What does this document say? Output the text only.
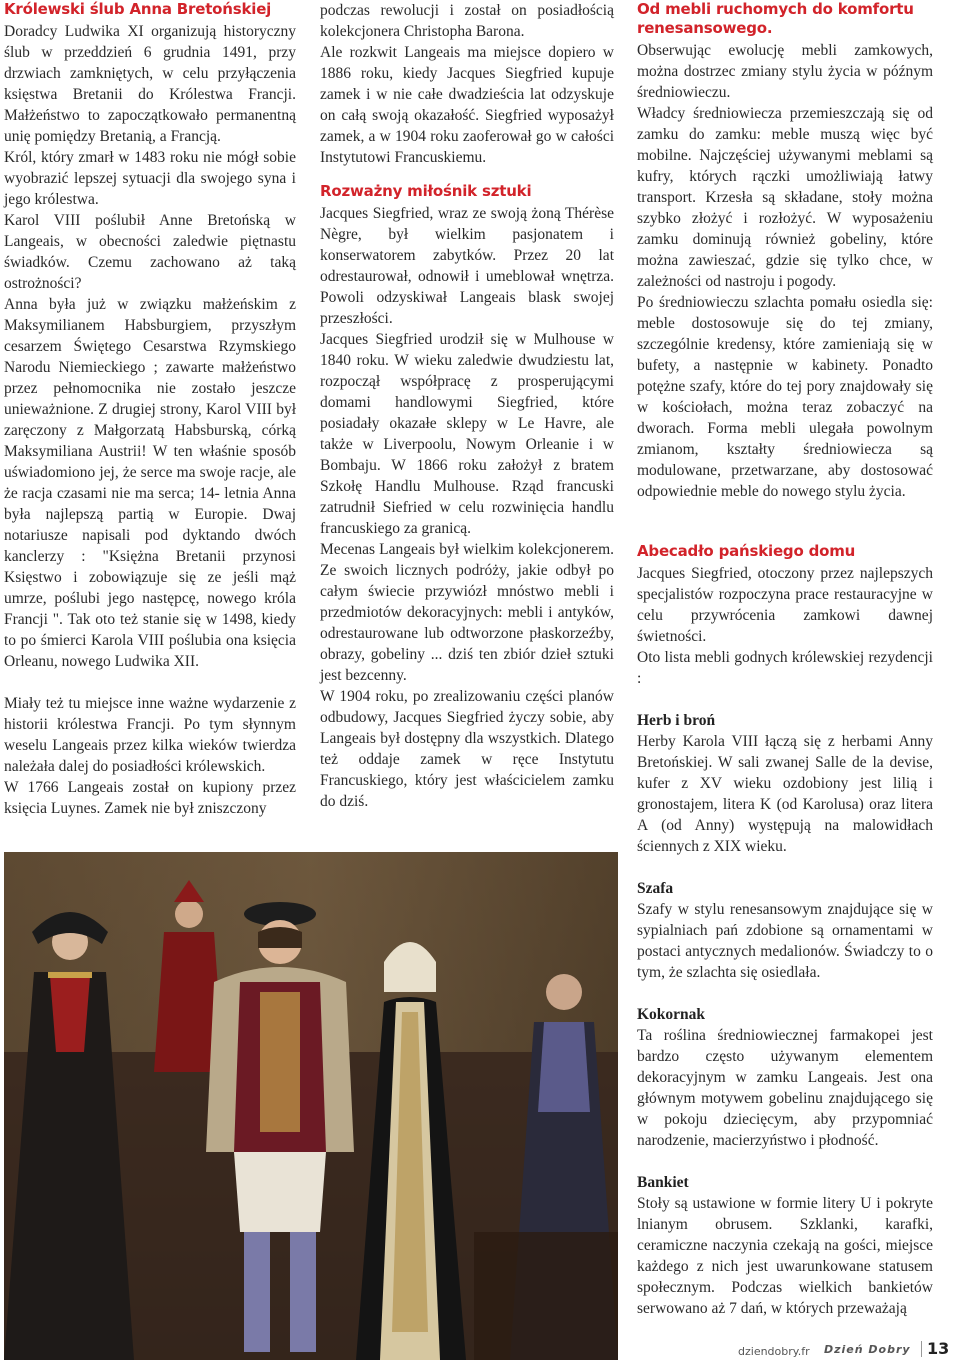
Królewski ślub Anna Bretońskiej

Doradcy Ludwika XI organizują historyczny ślub w przeddzień 6 grudnia 1491, przy drzwiach zamkniętych, w celu przyłączenia księstwa Bretanii do Królestwa Francji. Małżeństwo to zapoczątkowało permanentną unię pomiędzy Bretanią, a Francją.

Król, który zmarł w 1483 roku nie mógł sobie wyobrazić lepszej sytuacji dla swojego syna i jego królestwa.

Karol VIII poślubił Anne Bretońską w Langeais, w obecności zaledwie piętnastu świadków. Czemu zachowano aż taką ostrożności?

Anna była już w związku małżeńskim z Maksymilianem Habsburgiem, przyszłym cesarzem Świętego Cesarstwa Rzymskiego Narodu Niemieckiego ; zawarte małżeństwo przez pełnomocnika nie zostało jeszcze unieważnione. Z drugiej strony, Karol VIII był zaręczony z Małgorzatą Habsburską, córką Maksymiliana Austrii! W ten właśnie sposób uświadomiono jej, że serce ma swoje racje, ale że racja czasami nie ma serca; 14- letnia Anna była najlepszą partią w Europie. Dwaj notariusze napisali pod dyktando dwóch kanclerzy : "Księżna Bretanii przynosi Księstwo i zobowiązuje się ze jeśli mąż umrze, poślubi jego następcę, nowego króla Francji ". Tak oto też stanie się w 1498, kiedy to po śmierci Karola VIII poślubia ona księcia Orleanu, nowego Ludwika XII.

Miały też tu miejsce inne ważne wydarzenie z historii królestwa Francji. Po tym słynnym weselu Langeais przez kilka wieków twierdza należała dalej do posiadłości królewskich.

W 1766 Langeais został on kupiony przez księcia Luynes. Zamek nie był zniszczony

podczas rewolucji i został on posiadłością kolekcjonera Christopha Barona.

Ale rozkwit Langeais ma miejsce dopiero w 1886 roku, kiedy Jacques Siegfried kupuje zamek i w nie całe dwadzieścia lat odzyskuje on całą swoją okazałość. Siegfried wyposażył zamek, a w 1904 roku zaoferował go w całości Instytutowi Francuskiemu.

Rozważny miłośnik sztuki

Jacques Siegfried, wraz ze swoją żoną Thérèse Nègre, był wielkim pasjonatem i konserwatorem zabytków. Przez 20 lat odrestaurował, odnowił i umeblował wnętrza. Powoli odzyskiwał Langeais blask swojej przeszłości.

Jacques Siegfried urodził się w Mulhouse w 1840 roku. W wieku zaledwie dwudziestu lat, rozpoczął współpracę z prosperującymi domami handlowymi Siegfried, które posiadały okazałe sklepy w Le Havre, ale także w Liverpoolu, Nowym Orleanie i w Bombaju. W 1866 roku założył z bratem Szkołę Handlu Mulhouse. Rząd francuski zatrudnił Siefried w celu rozwinięcia handlu francuskiego za granicą.

Mecenas Langeais był wielkim kolekcjonerem. Ze swoich licznych podróży, jakie odbył po całym świecie przywiózł mnóstwo mebli i przedmiotów dekoracyjnych: mebli i antyków, odrestaurowane lub odtworzone płaskorzeźby, obrazy, gobeliny ... dziś ten zbiór dzieł sztuki jest bezcenny.

W 1904 roku, po zrealizowaniu części planów odbudowy, Jacques Siegfried życzy sobie, aby Langeais był dostępny dla wszystkich. Dlatego też oddaje zamek w ręce Instytutu Francuskiego, który jest właścicielem zamku do dziś.

Od mebli ruchomych do komfortu renesansowego.

Obserwując ewolucję mebli zamkowych, można dostrzec zmiany stylu życia w późnym średniowieczu.

Władcy średniowiecza przemieszczają się od zamku do zamku: meble muszą więc być mobilne. Najczęściej używanymi meblami są kufry, których rączki umożliwiają łatwy transport. Krzesła są składane, stoły można szybko złożyć i rozłożyć. W wyposażeniu zamku dominują również gobeliny, które można zawieszać, gdzie się tylko chce, w zależności od nastroju i pogody.

Po średniowieczu szlachta pomału osiedla się: meble dostosowuje się do tej zmiany, szczególnie kredensy, które zamieniają się w bufety, a następnie w kabinety. Ponadto potężne szafy, które do tej pory znajdowały się w kościołach, można teraz zobaczyć na dworach. Forma mebli ulegała powolnym zmianom, kształty średniowiecza są modulowane, przetwarzane, aby dostosować odpowiednie meble do nowego stylu życia.

Abecadło pańskiego domu

Jacques Siegfried, otoczony przez najlepszych specjalistów rozpoczyna prace restauracyjne w celu przywrócenia zamkowi dawnej świetności.

Oto lista mebli godnych królewskiej rezydencji :

Herb i broń

Herby Karola VIII łączą się z herbami Anny Bretońskiej. W sali zwanej Salle de la devise, kufer z XV wieku ozdobiony jest lilią i gronostajem, litera K (od Karolusa) oraz litera A (od Anny) występują na malowidłach ściennych z XIX wieku.

Szafa

Szafy w stylu renesansowym znajdujące się w sypialniach pań zdobione są ornamentami w postaci antycznych medalionów. Świadczy to o tym, że szlachta się osiedlała.

Kokornak

Ta roślina średniowiecznej farmakopei jest bardzo często używanym elementem dekoracyjnym w zamku Langeais. Jest ona głównym motywem gobelinu znajdującego się w pokoju dziecięcym, aby przypomniać narodzenie, macierzyństwo i płodność.

Bankiet

Stoły są ustawione w formie litery U i pokryte lnianym obrusem. Szklanki, karafki, ceramiczne naczynia czekają na gości, miejsce każdego z nich jest uwarunkowane statusem społecznym. Podczas wielkich bankietów serwowano aż 7 dań, w których przeważają

dziendobry.fr Dzień Dobry 13
